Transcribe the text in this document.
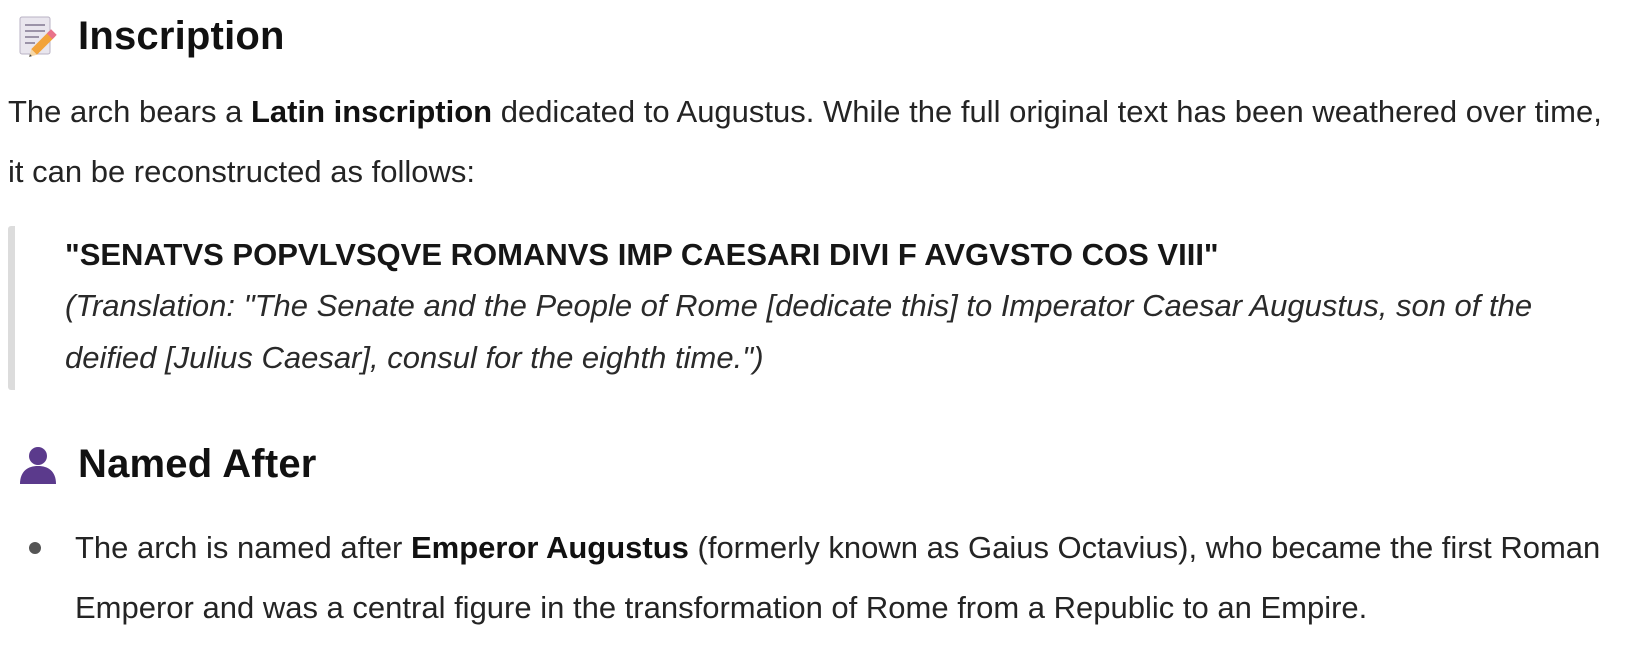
Inscription

The arch bears a Latin inscription dedicated to Augustus. While the full original text has been weathered over time, it can be reconstructed as follows:

"SENATVS POPVLVSQVE ROMANVS IMP CAESARI DIVI F AVGVSTO COS VIII"
(Translation: "The Senate and the People of Rome [dedicate this] to Imperator Caesar Augustus, son of the deified [Julius Caesar], consul for the eighth time.")
Named After
The arch is named after Emperor Augustus (formerly known as Gaius Octavius), who became the first Roman Emperor and was a central figure in the transformation of Rome from a Republic to an Empire.
